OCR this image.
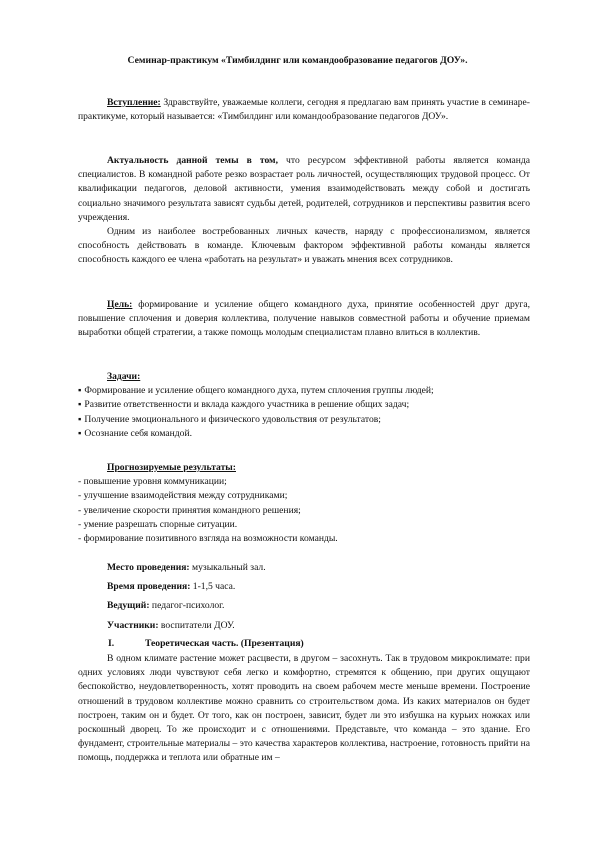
Семинар-практикум «Тимбилдинг или командообразование педагогов ДОУ».

Вступление: Здравствуйте, уважаемые коллеги, сегодня я предлагаю вам принять участие в семинаре-практикуме, который называется: «Тимбилдинг или командообразование педагогов ДОУ».

Актуальность данной темы в том, что ресурсом эффективной работы является команда специалистов. В командной работе резко возрастает роль личностей, осуществляющих трудовой процесс. От квалификации педагогов, деловой активности, умения взаимодействовать между собой и достигать социально значимого результата зависят судьбы детей, родителей, сотрудников и перспективы развития всего учреждения.

Одним из наиболее востребованных личных качеств, наряду с профессионализмом, является способность действовать в команде. Ключевым фактором эффективной работы команды является способность каждого ее члена «работать на результат» и уважать мнения всех сотрудников.

Цель: формирование и усиление общего командного духа, принятие особенностей друг друга, повышение сплочения и доверия коллектива, получение навыков совместной работы и обучение приемам выработки общей стратегии, а также помощь молодым специалистам плавно влиться в коллектив.

Задачи:

▪ Формирование и усиление общего командного духа, путем сплочения группы людей;
▪ Развитие ответственности и вклада каждого участника в решение общих задач;
▪ Получение эмоционального и физического удовольствия от результатов;
▪ Осознание себя командой.

Прогнозируемые результаты:

- повышение уровня коммуникации;
- улучшение взаимодействия между сотрудниками;
- увеличение скорости принятия командного решения;
- умение разрешать спорные ситуации.
- формирование позитивного взгляда на возможности команды.

Место проведения: музыкальный зал.

Время проведения: 1-1,5 часа.

Ведущий: педагог-психолог.

Участники: воспитатели ДОУ.

I.	Теоретическая часть. (Презентация)

В одном климате растение может расцвести, в другом – засохнуть. Так в трудовом микроклимате: при одних условиях люди чувствуют себя легко и комфортно, стремятся к общению, при других ощущают беспокойство, неудовлетворенность, хотят проводить на своем рабочем месте меньше времени. Построение отношений в трудовом коллективе можно сравнить со строительством дома. Из каких материалов он будет построен, таким он и будет. От того, как он построен, зависит, будет ли это избушка на курьих ножках или роскошный дворец. То же происходит и с отношениями. Представьте, что команда – это здание. Его фундамент, строительные материалы – это качества характеров коллектива, настроение, готовность прийти на помощь, поддержка и теплота или обратные им –
